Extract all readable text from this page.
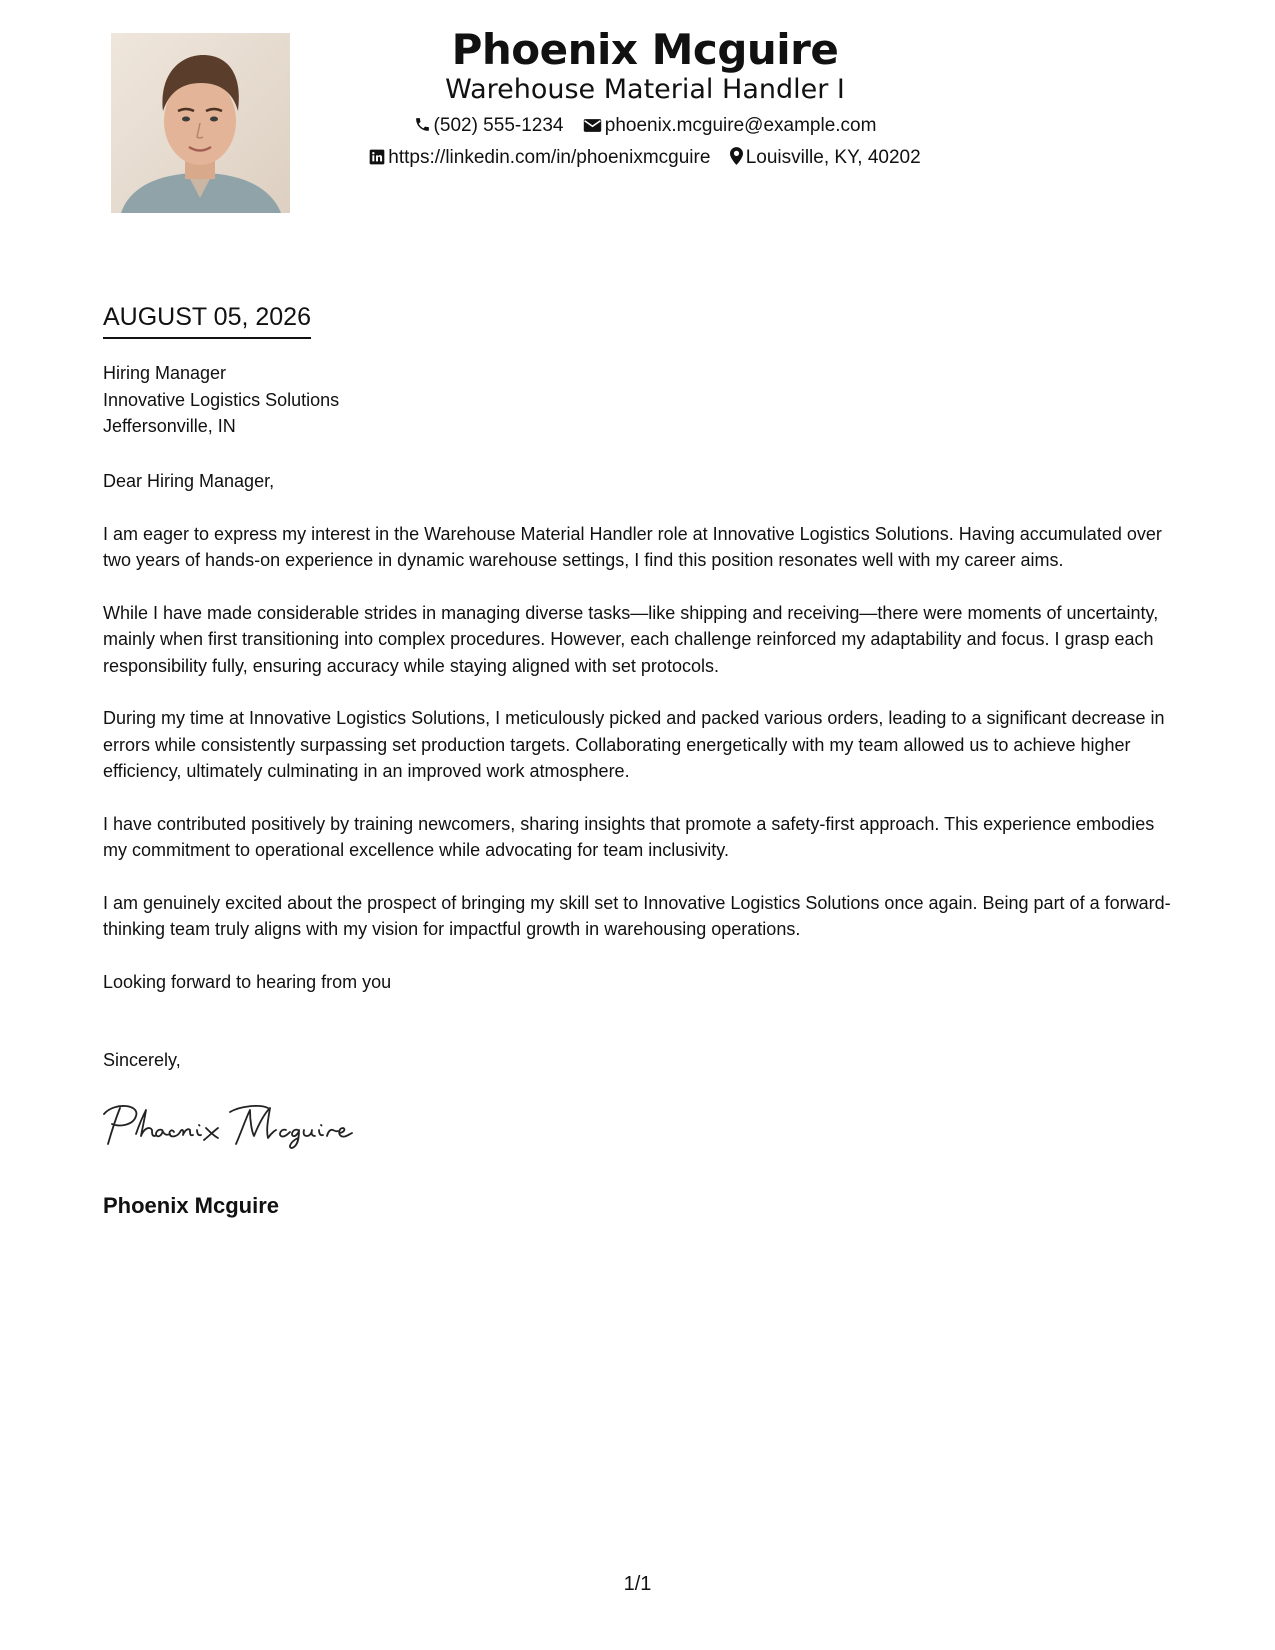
Phoenix Mcguire
Warehouse Material Handler I
(502) 555-1234 phoenix.mcguire@example.com
https://linkedin.com/in/phoenixmcguire Louisville, KY, 40202
AUGUST 05, 2026
Hiring Manager
Innovative Logistics Solutions
Jeffersonville, IN

Dear Hiring Manager,

I am eager to express my interest in the Warehouse Material Handler role at Innovative Logistics Solutions. Having accumulated over two years of hands-on experience in dynamic warehouse settings, I find this position resonates well with my career aims.

While I have made considerable strides in managing diverse tasks—like shipping and receiving—there were moments of uncertainty, mainly when first transitioning into complex procedures. However, each challenge reinforced my adaptability and focus. I grasp each responsibility fully, ensuring accuracy while staying aligned with set protocols.

During my time at Innovative Logistics Solutions, I meticulously picked and packed various orders, leading to a significant decrease in errors while consistently surpassing set production targets. Collaborating energetically with my team allowed us to achieve higher efficiency, ultimately culminating in an improved work atmosphere.

I have contributed positively by training newcomers, sharing insights that promote a safety-first approach. This experience embodies my commitment to operational excellence while advocating for team inclusivity.

I am genuinely excited about the prospect of bringing my skill set to Innovative Logistics Solutions once again. Being part of a forward-thinking team truly aligns with my vision for impactful growth in warehousing operations.

Looking forward to hearing from you

Sincerely,
Phoenix Mcguire
1/1
